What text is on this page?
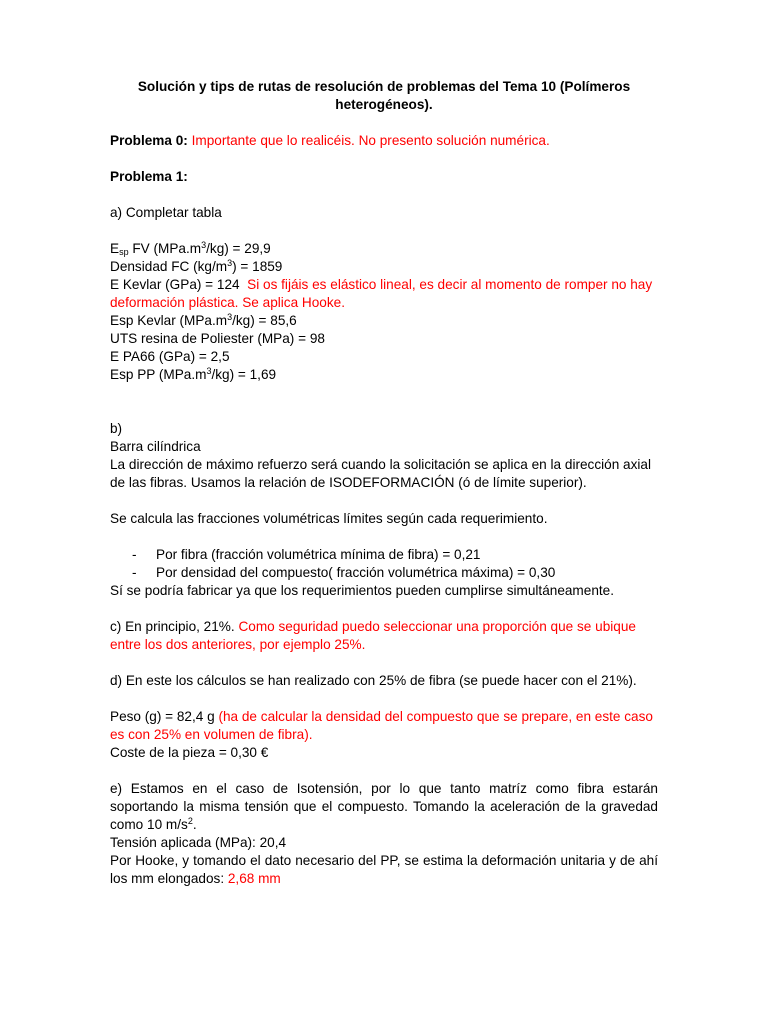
Solución y tips de rutas de resolución de problemas del Tema 10 (Polímeros heterogéneos).

Problema 0: Importante que lo realicéis. No presento solución numérica.

Problema 1:

a) Completar tabla

$E_{sp}$ FV $(MPa.m^3/kg) = 29,9$

Densidad FC $(kg/m^3) = 1859$

E Kevlar (GPa) = 124 Si os fijáis es elástico lineal, es decir al momento de romper no hay deformación plástica. Se aplica Hooke.

Esp Kevlar $(MPa.m^3/kg) = 85,6$

UTS resina de Poliester (MPa) = 98

E PA66 (GPa) = 2,5

Esp PP $(MPa.m^3/kg) = 1,69$

b)

Barra cilíndrica

La dirección de máximo refuerzo será cuando la solicitación se aplica en la dirección axial de las fibras. Usamos la relación de ISODEFORMACIÓN (ó de límite superior).

Se calcula las fracciones volumétricas límites según cada requerimiento.

- Por fibra (fracción volumétrica mínima de fibra) = 0,21
- Por densidad del compuesto( fracción volumétrica máxima) = 0,30

Sí se podría fabricar ya que los requerimientos pueden cumplirse simultáneamente.

c) En principio, 21%. Como seguridad puedo seleccionar una proporción que se ubique entre los dos anteriores, por ejemplo 25%.

d) En este los cálculos se han realizado con 25% de fibra (se puede hacer con el 21%).

Peso (g) = 82,4 g (ha de calcular la densidad del compuesto que se prepare, en este caso es con 25% en volumen de fibra).

Coste de la pieza = 0,30 €

e) Estamos en el caso de Isotensión, por lo que tanto matríz como fibra estarán soportando la misma tensión que el compuesto. Tomando la aceleración de la gravedad como 10 $m/s^2$.

Tensión aplicada (MPa): 20,4

Por Hooke, y tomando el dato necesario del PP, se estima la deformación unitaria y de ahí los mm elongados: 2,68 mm
